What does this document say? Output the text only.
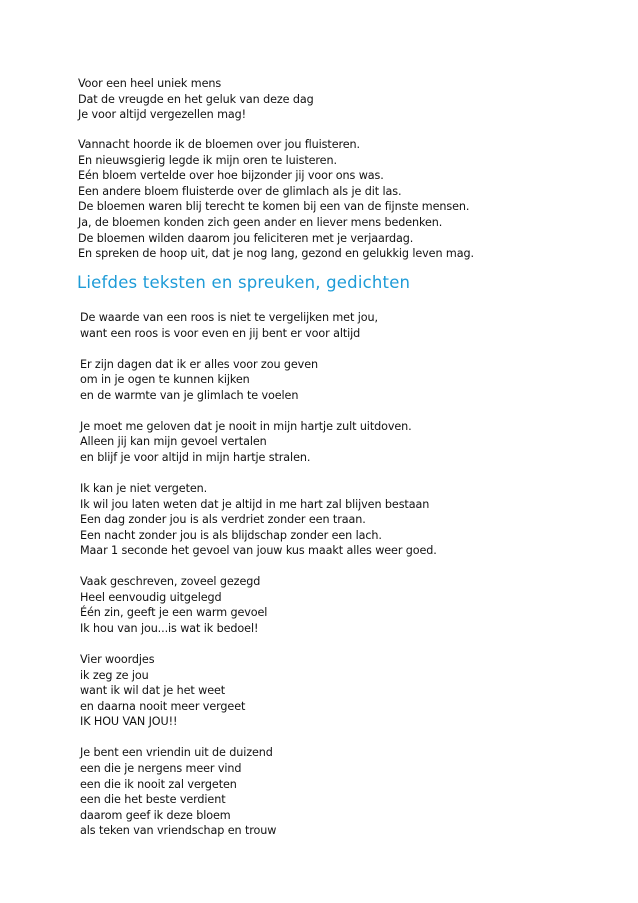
Voor een heel uniek mens
Dat de vreugde en het geluk van deze dag
Je voor altijd vergezellen mag!
Vannacht hoorde ik de bloemen over jou fluisteren.
En nieuwsgierig legde ik mijn oren te luisteren.
Eén bloem vertelde over hoe bijzonder jij voor ons was.
Een andere bloem fluisterde over de glimlach als je dit las.
De bloemen waren blij terecht te komen bij een van de fijnste mensen.
Ja, de bloemen konden zich geen ander en liever mens bedenken.
De bloemen wilden daarom jou feliciteren met je verjaardag.
En spreken de hoop uit, dat je nog lang, gezond en gelukkig leven mag.
Liefdes teksten en spreuken, gedichten
De waarde van een roos is niet te vergelijken met jou,
want een roos is voor even en jij bent er voor altijd
Er zijn dagen dat ik er alles voor zou geven
om in je ogen te kunnen kijken
en de warmte van je glimlach te voelen
Je moet me geloven dat je nooit in mijn hartje zult uitdoven.
Alleen jij kan mijn gevoel vertalen
en blijf je voor altijd in mijn hartje stralen.
Ik kan je niet vergeten.
Ik wil jou laten weten dat je altijd in me hart zal blijven bestaan
Een dag zonder jou is als verdriet zonder een traan.
Een nacht zonder jou is als blijdschap zonder een lach.
Maar 1 seconde het gevoel van jouw kus maakt alles weer goed.
Vaak geschreven, zoveel gezegd
Heel eenvoudig uitgelegd
Één zin, geeft je een warm gevoel
Ik hou van jou...is wat ik bedoel!
Vier woordjes
ik zeg ze jou
want ik wil dat je het weet
en daarna nooit meer vergeet
IK HOU VAN JOU!!
Je bent een vriendin uit de duizend
een die je nergens meer vind
een die ik nooit zal vergeten
een die het beste verdient
daarom geef ik deze bloem
als teken van vriendschap en trouw
